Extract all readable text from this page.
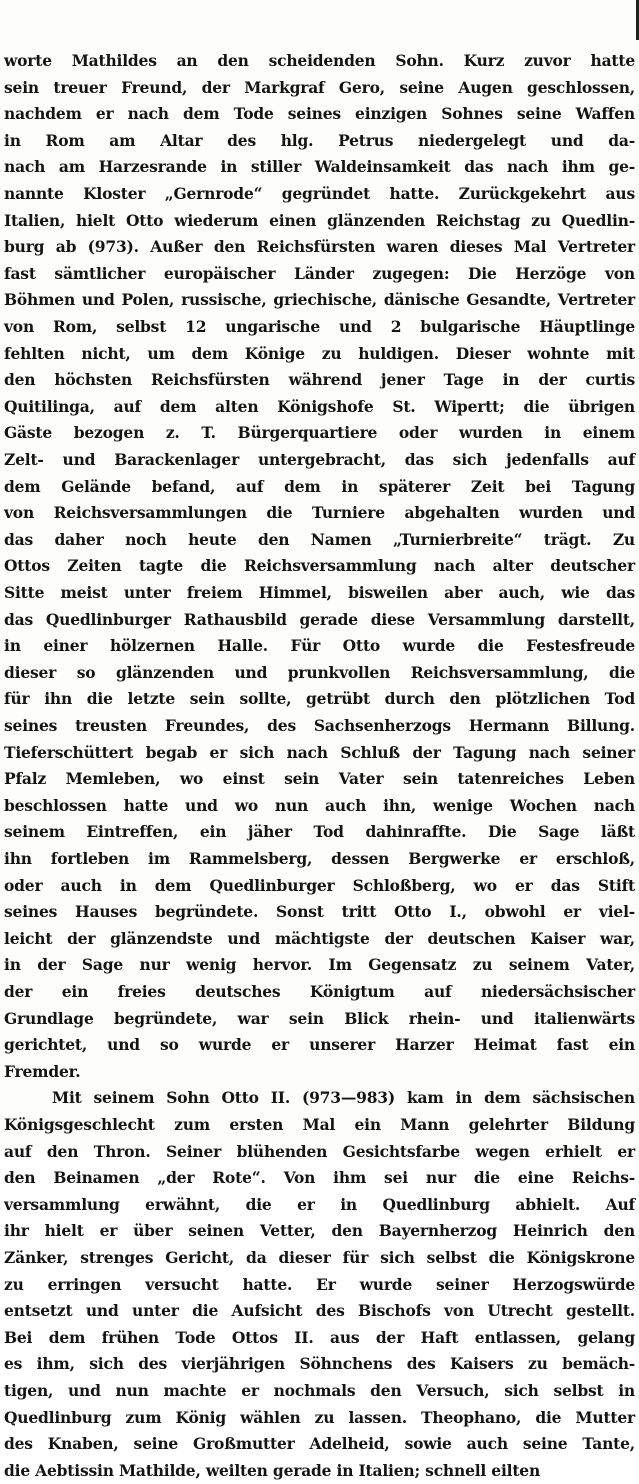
worte Mathildes an den scheidenden Sohn. Kurz zuvor hatte
sein treuer Freund, der Markgraf Gero, seine Augen geschlossen,
nachdem er nach dem Tode seines einzigen Sohnes seine Waffen
in Rom am Altar des hlg. Petrus niedergelegt und da-
nach am Harzesrande in stiller Waldeinsamkeit das nach ihm ge-
nannte Kloster „Gernrode“ gegründet hatte. Zurückgekehrt aus
Italien, hielt Otto wiederum einen glänzenden Reichstag zu Quedlin-
burg ab (973). Außer den Reichsfürsten waren dieses Mal Vertreter
fast sämtlicher europäischer Länder zugegen: Die Herzöge von
Böhmen und Polen, russische, griechische, dänische Gesandte, Vertreter
von Rom, selbst 12 ungarische und 2 bulgarische Häuptlinge
fehlten nicht, um dem Könige zu huldigen. Dieser wohnte mit
den höchsten Reichsfürsten während jener Tage in der curtis
Quitilinga, auf dem alten Königshofe St. Wipertt; die übrigen
Gäste bezogen z. T. Bürgerquartiere oder wurden in einem
Zelt- und Barackenlager untergebracht, das sich jedenfalls auf
dem Gelände befand, auf dem in späterer Zeit bei Tagung
von Reichsversammlungen die Turniere abgehalten wurden und
das daher noch heute den Namen „Turnierbreite“ trägt. Zu
Ottos Zeiten tagte die Reichsversammlung nach alter deutscher
Sitte meist unter freiem Himmel, bisweilen aber auch, wie das
das Quedlinburger Rathausbild gerade diese Versammlung darstellt,
in einer hölzernen Halle. Für Otto wurde die Festesfreude
dieser so glänzenden und prunkvollen Reichsversammlung, die
für ihn die letzte sein sollte, getrübt durch den plötzlichen Tod
seines treusten Freundes, des Sachsenherzogs Hermann Billung.
Tieferschüttert begab er sich nach Schluß der Tagung nach seiner
Pfalz Memleben, wo einst sein Vater sein tatenreiches Leben
beschlossen hatte und wo nun auch ihn, wenige Wochen nach
seinem Eintreffen, ein jäher Tod dahinraffte. Die Sage läßt
ihn fortleben im Rammelsberg, dessen Bergwerke er erschloß,
oder auch in dem Quedlinburger Schloßberg, wo er das Stift
seines Hauses begründete. Sonst tritt Otto I., obwohl er viel-
leicht der glänzendste und mächtigste der deutschen Kaiser war,
in der Sage nur wenig hervor. Im Gegensatz zu seinem Vater,
der ein freies deutsches Königtum auf niedersächsischer
Grundlage begründete, war sein Blick rhein- und italienwärts
gerichtet, und so wurde er unserer Harzer Heimat fast ein
Fremder.
Mit seinem Sohn Otto II. (973—983) kam in dem sächsischen
Königsgeschlecht zum ersten Mal ein Mann gelehrter Bildung
auf den Thron. Seiner blühenden Gesichtsfarbe wegen erhielt er
den Beinamen „der Rote“. Von ihm sei nur die eine Reichs-
versammlung erwähnt, die er in Quedlinburg abhielt. Auf
ihr hielt er über seinen Vetter, den Bayernherzog Heinrich den
Zänker, strenges Gericht, da dieser für sich selbst die Königskrone
zu erringen versucht hatte. Er wurde seiner Herzogswürde
entsetzt und unter die Aufsicht des Bischofs von Utrecht gestellt.
Bei dem frühen Tode Ottos II. aus der Haft entlassen, gelang
es ihm, sich des vierjährigen Söhnchens des Kaisers zu bemäch-
tigen, und nun machte er nochmals den Versuch, sich selbst in
Quedlinburg zum König wählen zu lassen. Theophano, die Mutter
des Knaben, seine Großmutter Adelheid, sowie auch seine Tante,
die Aebtissin Mathilde, weilten gerade in Italien; schnell eilten
